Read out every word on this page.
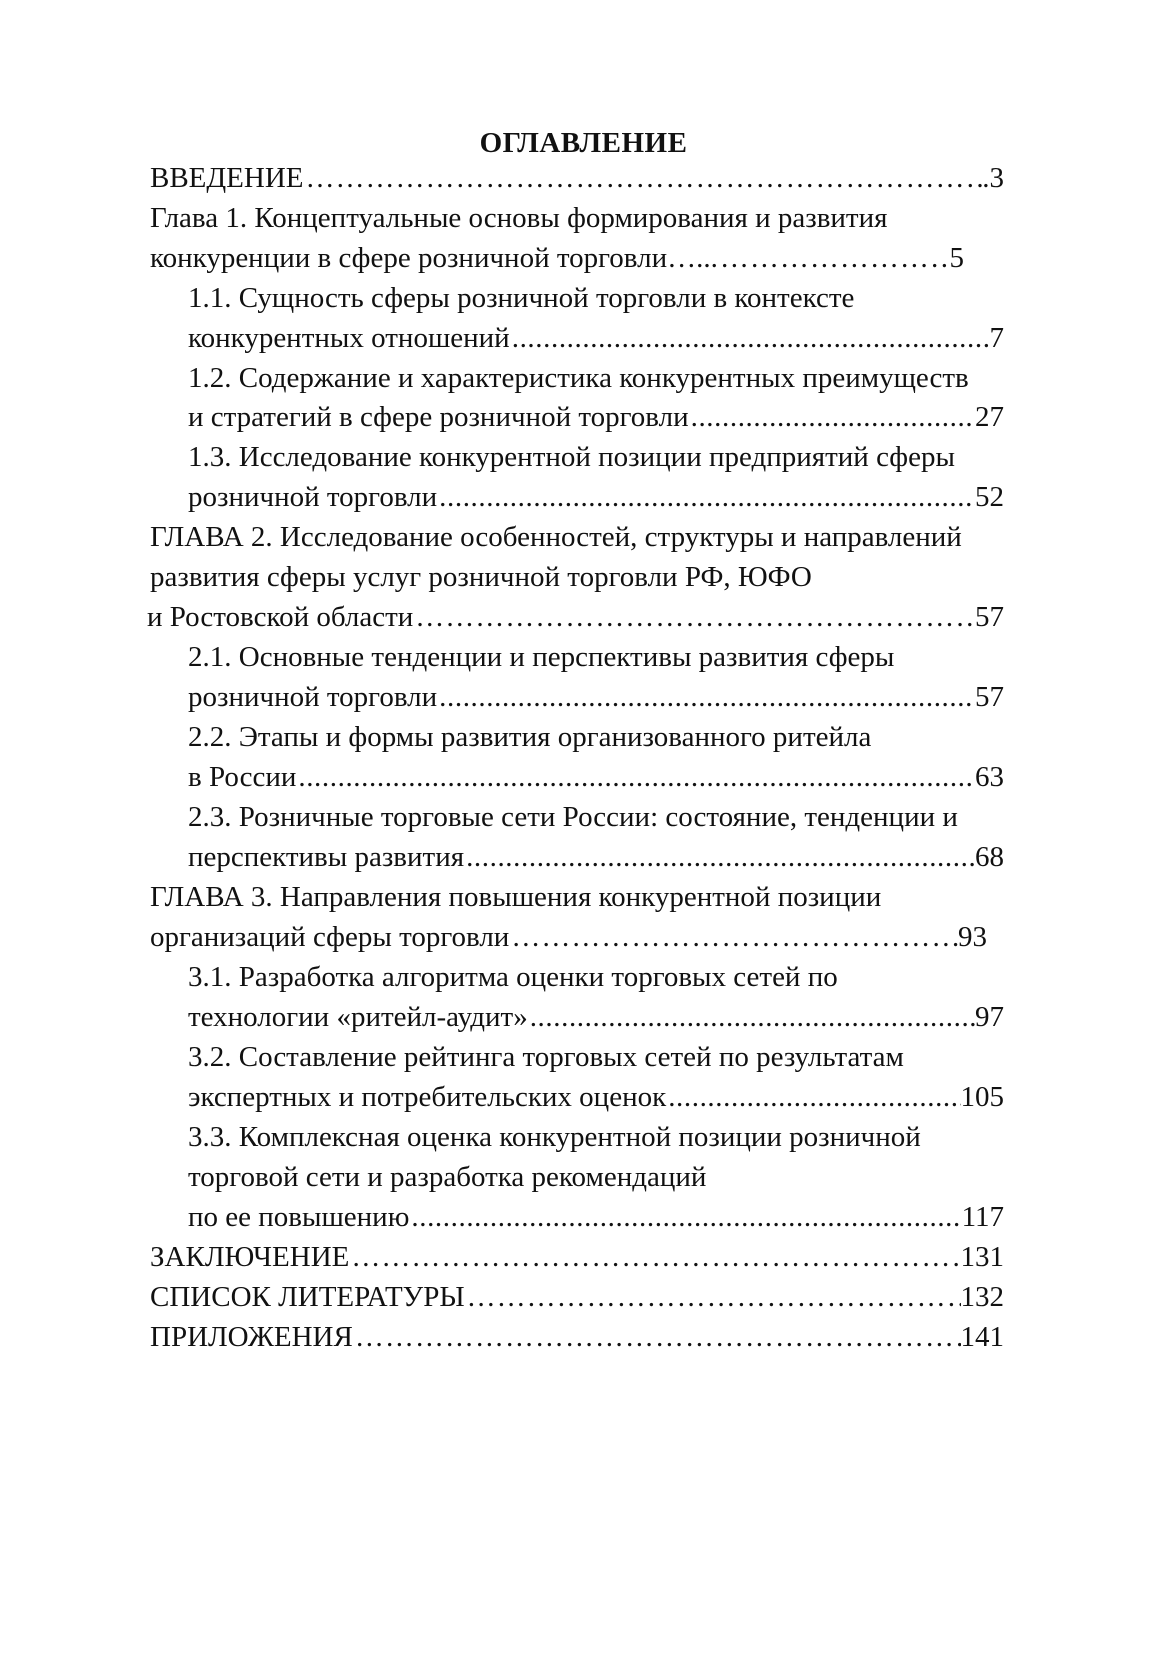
ОГЛАВЛЕНИЕ
ВВЕДЕНИЕ ……………………………………………………………………………………………………………………………………………………………………………………………………………………………………………	.3
Глава 1. Концептуальные основы формирования и развития
конкуренции в сфере розничной торговли…... ……………………………………………………………………………………………………………………………………………………………………………………………………………………………………………	5
1.1. Сущность сферы розничной торговли в контексте
конкурентных отношений .....	7
1.2. Содержание и характеристика конкурентных преимуществ
и стратегий в сфере розничной торговли .....	27
1.3. Исследование конкурентной позиции предприятий сферы
розничной торговли .....	52
ГЛАВА 2. Исследование особенностей, структуры и направлений
развития сферы услуг розничной торговли РФ, ЮФО
и Ростовской области ……………………………………………………………………………………………………………………………………………………………………………………………………………………………………………	57
2.1. Основные тенденции и перспективы развития сферы
розничной торговли .....	57
2.2. Этапы и формы развития организованного ритейла
в России .....	63
2.3. Розничные торговые сети России: состояние, тенденции и
перспективы развития .....	68
ГЛАВА 3. Направления повышения конкурентной позиции
организаций сферы торговли ……………………………………………………………………………………………………………………………………………………………………………………………………………………………………………	93
3.1. Разработка алгоритма оценки торговых сетей по
технологии «ритейл-аудит» .....	97
3.2. Составление рейтинга торговых сетей по результатам
экспертных и потребительских оценок .....	105
3.3. Комплексная оценка конкурентной позиции розничной
торговой сети и разработка рекомендаций
по ее повышению .....	117
ЗАКЛЮЧЕНИЕ ……………………………………………………………………………………………………………………………………………………………………………………………………………………………………………	131
СПИСОК ЛИТЕРАТУРЫ ……………………………………………………………………………………………………………………………………………………………………………………………………………………………………………	132
ПРИЛОЖЕНИЯ ……………………………………………………………………………………………………………………………………………………………………………………………………………………………………………	141
